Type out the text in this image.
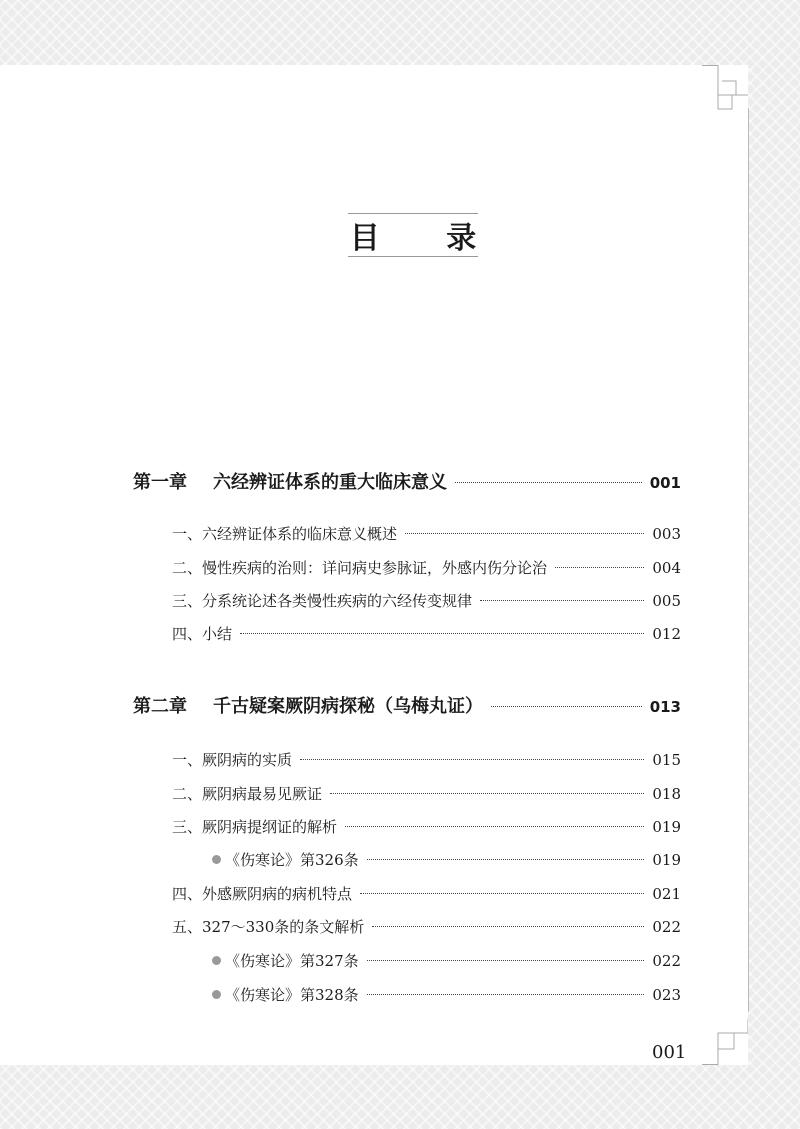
目 录
第一章 六经辨证体系的重大临床意义	001
一、六经辨证体系的临床意义概述	003
二、慢性疾病的治则：详问病史参脉证，外感内伤分论治	004
三、分系统论述各类慢性疾病的六经传变规律	005
四、小结	012
第二章 千古疑案厥阴病探秘（乌梅丸证）	013
一、厥阴病的实质	015
二、厥阴病最易见厥证	018
三、厥阴病提纲证的解析	019
《伤寒论》第326条	019
四、外感厥阴病的病机特点	021
五、327～330条的条文解析	022
《伤寒论》第327条	022
《伤寒论》第328条	023
001
